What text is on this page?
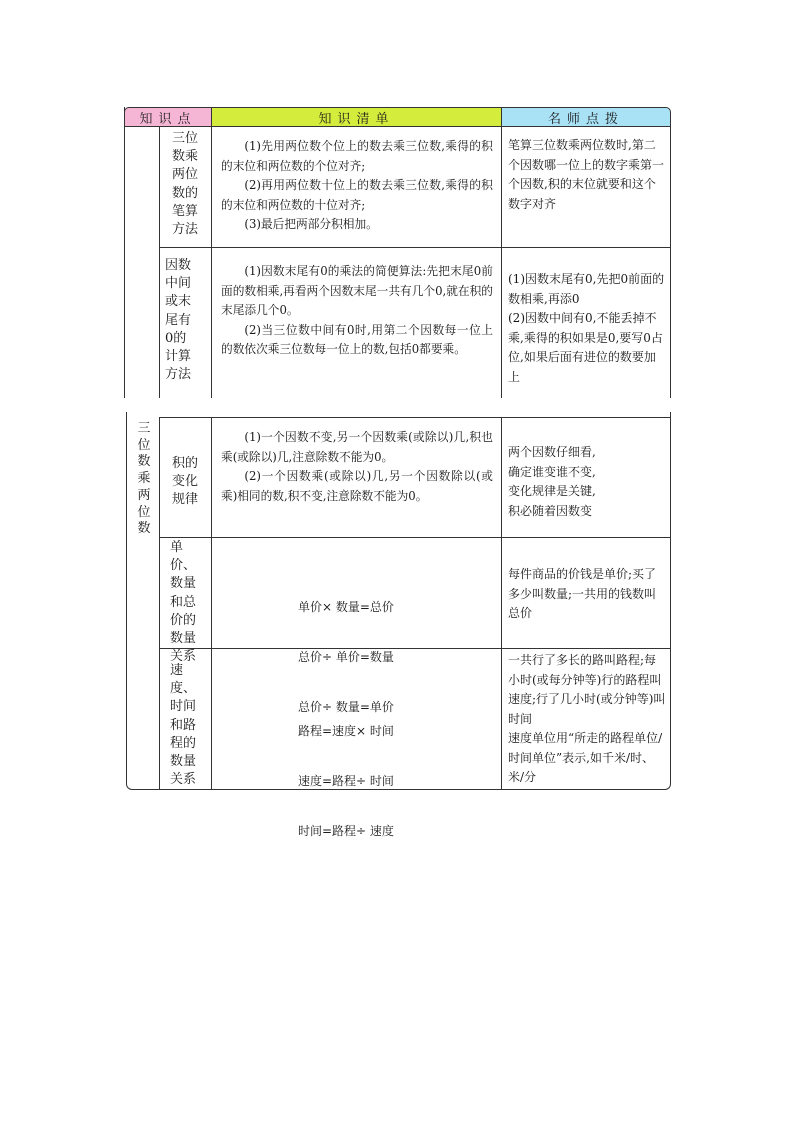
知识点	知识清单	名师点拨
三位数乘两位数的笔算方法

(1)先用两位数个位上的数去乘三位数,乘得的积的末位和两位数的个位对齐;

(2)再用两位数十位上的数去乘三位数,乘得的积的末位和两位数的十位对齐;

(3)最后把两部分积相加。

笔算三位数乘两位数时,第二个因数哪一位上的数字乘第一个因数,积的末位就要和这个数字对齐

因数中间或末尾有0的计算方法

(1)因数末尾有0的乘法的简便算法:先把末尾0前面的数相乘,再看两个因数末尾一共有几个0,就在积的末尾添几个0。

(2)当三位数中间有0时,用第二个因数每一位上的数依次乘三位数每一位上的数,包括0都要乘。

(1)因数末尾有0,先把0前面的数相乘,再添0

(2)因数中间有0,不能丢掉不乘,乘得的积如果是0,要写0占位,如果后面有进位的数要加上

三位数乘两位数
积的变化规律

(1)一个因数不变,另一个因数乘(或除以)几,积也乘(或除以)几,注意除数不能为0。

(2)一个因数乘(或除以)几,另一个因数除以(或乘)相同的数,积不变,注意除数不能为0。

两个因数仔细看,

确定谁变谁不变,

变化规律是关键,

积必随着因数变

单价、数量和总价的数量关系

单价× 数量=总价

总价÷ 单价=数量

总价÷ 数量=单价

每件商品的价钱是单价;买了多少叫数量;一共用的钱数叫总价

速度、时间和路程的数量关系

路程=速度× 时间

速度=路程÷ 时间

时间=路程÷ 速度

一共行了多长的路叫路程;每小时(或每分钟等)行的路程叫速度;行了几小时(或分钟等)叫时间

速度单位用“所走的路程单位/时间单位”表示,如千米/时、米/分
